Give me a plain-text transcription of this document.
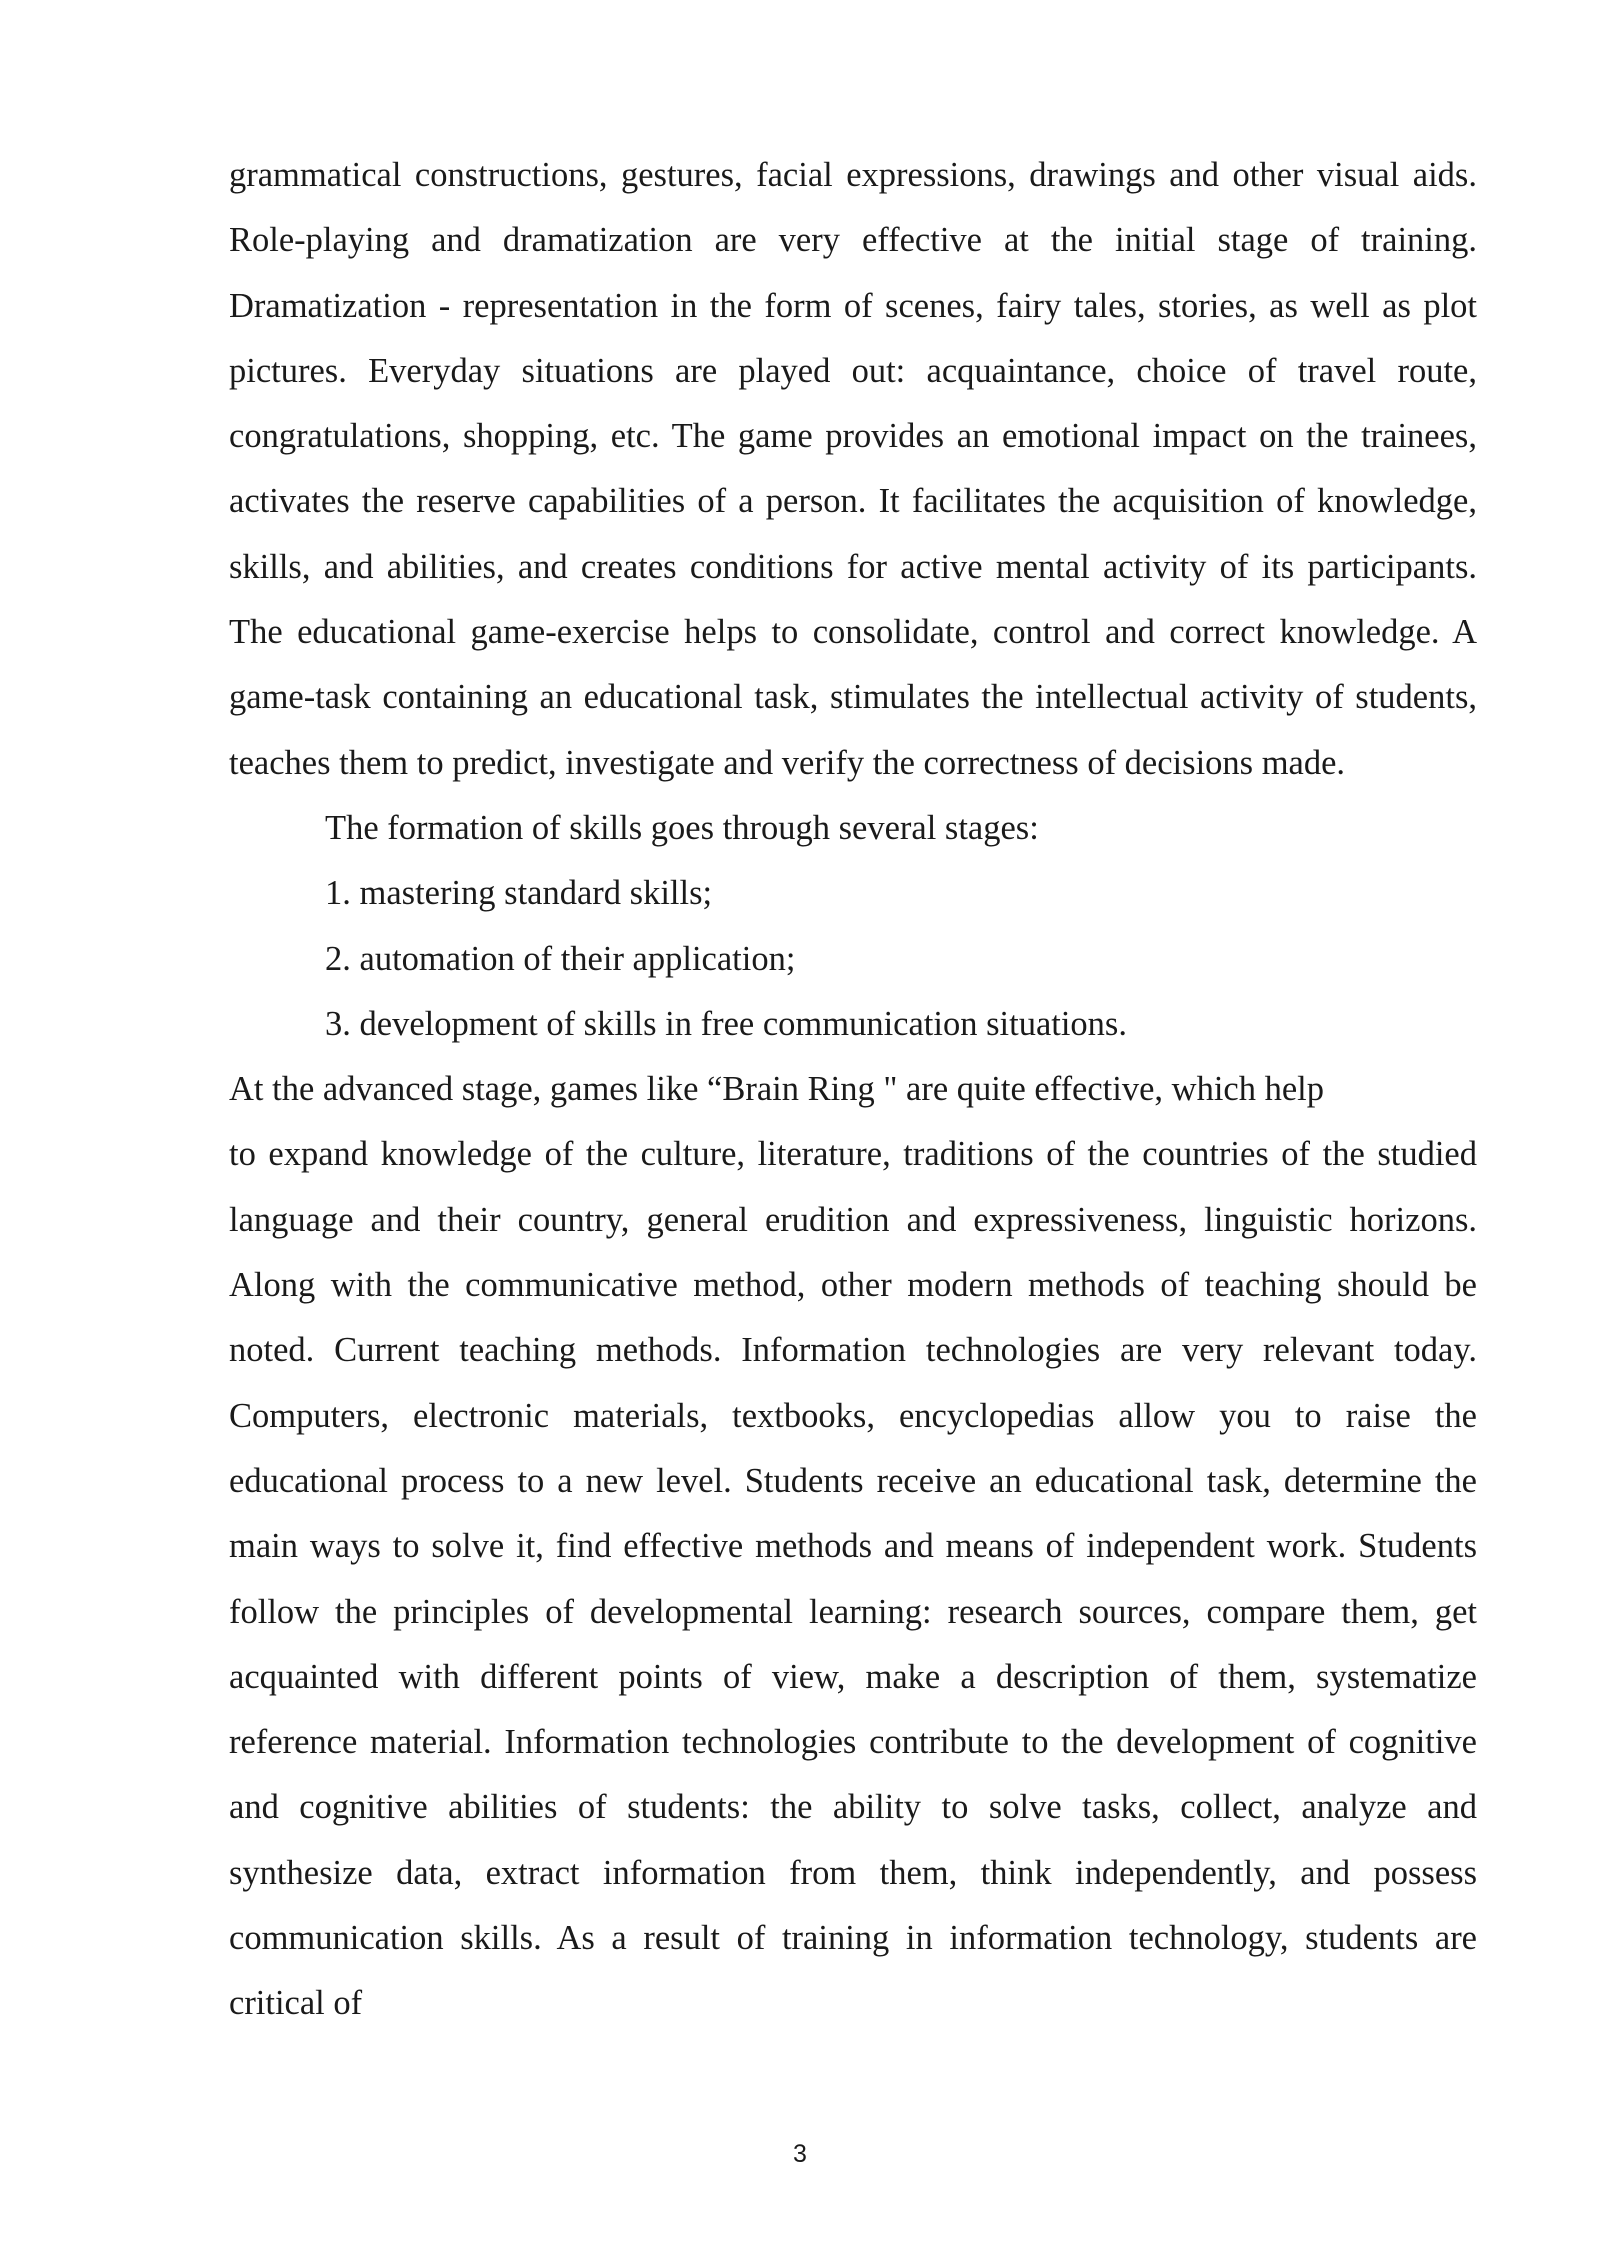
grammatical constructions, gestures, facial expressions, drawings and other visual aids. Role-playing and dramatization are very effective at the initial stage of training. Dramatization - representation in the form of scenes, fairy tales, stories, as well as plot pictures. Everyday situations are played out: acquaintance, choice of travel route, congratulations, shopping, etc. The game provides an emotional impact on the trainees, activates the reserve capabilities of a person. It facilitates the acquisition of knowledge, skills, and abilities, and creates conditions for active mental activity of its participants. The educational game-exercise helps to consolidate, control and correct knowledge. A game-task containing an educational task, stimulates the intellectual activity of students, teaches them to predict, investigate and verify the correctness of decisions made.

The formation of skills goes through several stages:

1. mastering standard skills;

2. automation of their application;

3. development of skills in free communication situations.

At the advanced stage, games like “Brain Ring " are quite effective, which help

to expand knowledge of the culture, literature, traditions of the countries of the studied language and their country, general erudition and expressiveness, linguistic horizons. Along with the communicative method, other modern methods of teaching should be noted. Current teaching methods. Information technologies are very relevant today. Computers, electronic materials, textbooks, encyclopedias allow you to raise the educational process to a new level. Students receive an educational task, determine the main ways to solve it, find effective methods and means of independent work. Students follow the principles of developmental learning: research sources, compare them, get acquainted with different points of view, make a description of them, systematize reference material. Information technologies contribute to the development of cognitive and cognitive abilities of students: the ability to solve tasks, collect, analyze and synthesize data, extract information from them, think independently, and possess communication skills. As a result of training in information technology, students are critical of

3
